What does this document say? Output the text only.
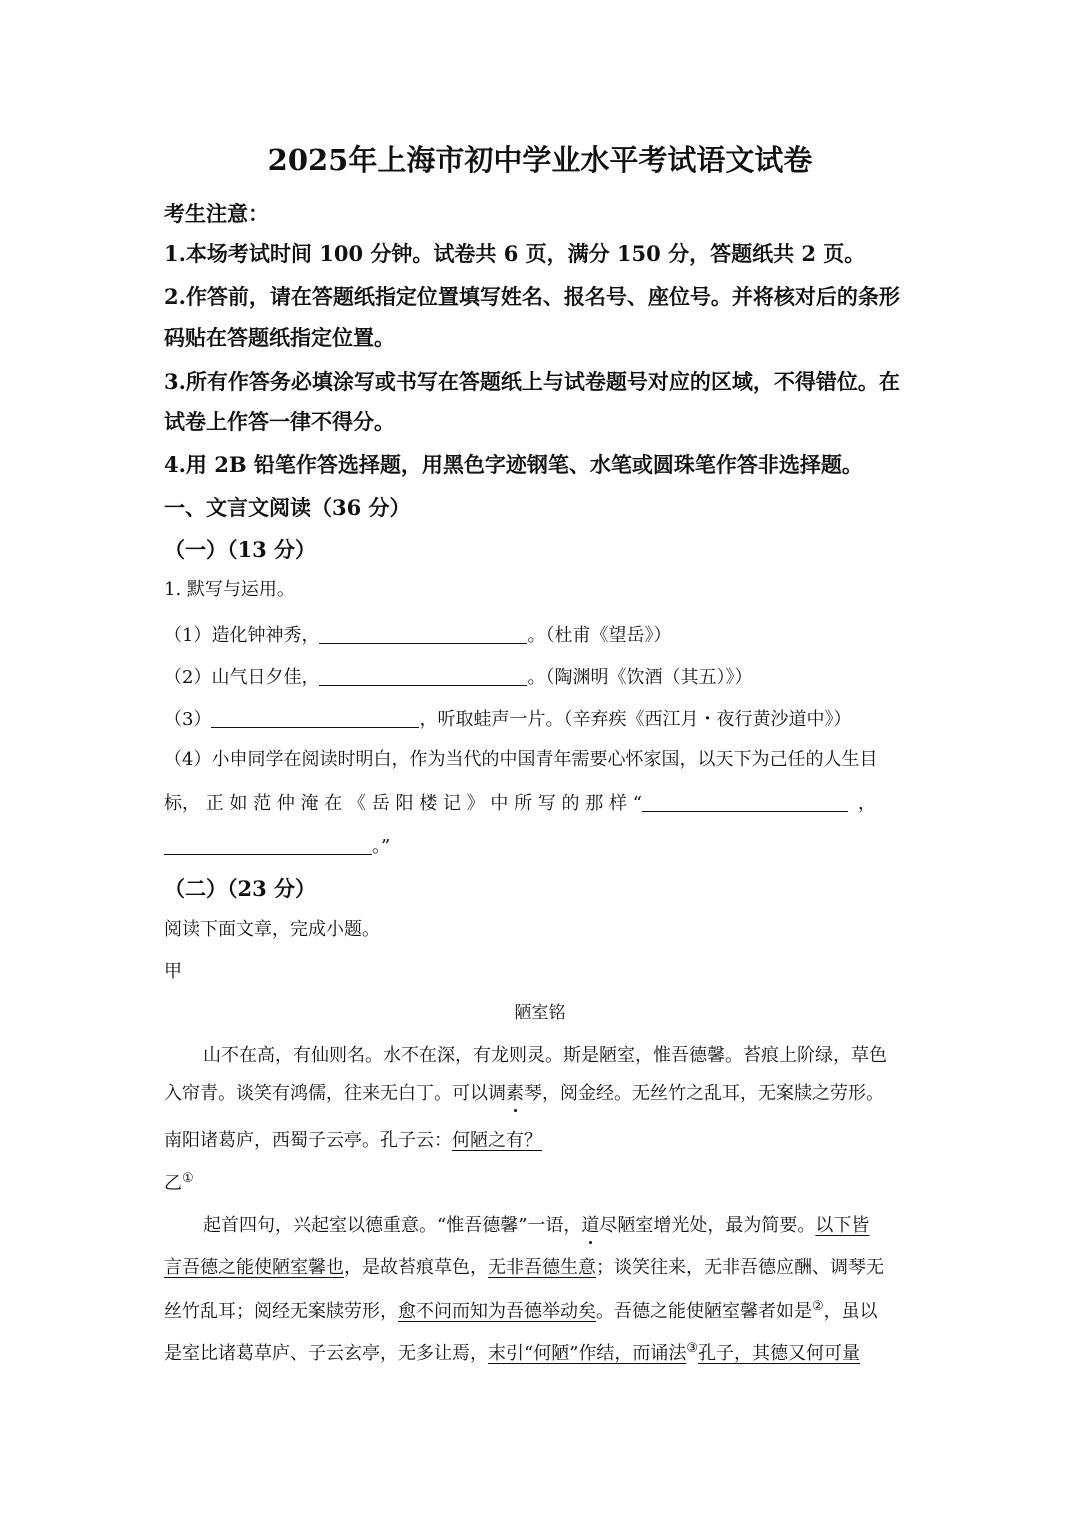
2025年上海市初中学业水平考试语文试卷
考生注意：
1.本场考试时间 100 分钟。试卷共 6 页，满分 150 分，答题纸共 2 页。
2.作答前，请在答题纸指定位置填写姓名、报名号、座位号。并将核对后的条形
码贴在答题纸指定位置。
3.所有作答务必填涂写或书写在答题纸上与试卷题号对应的区域，不得错位。在
试卷上作答一律不得分。
4.用 2B 铅笔作答选择题，用黑色字迹钢笔、水笔或圆珠笔作答非选择题。
一、文言文阅读（36 分）
（一）（13 分）
1. 默写与运用。
（1）造化钟神秀，	。（杜甫《望岳》）
（2）山气日夕佳，	。（陶渊明《饮酒（其五）》）
（3）	，听取蛙声一片。（辛弃疾《西江月・夜行黄沙道中》）
（4）小申同学在阅读时明白，作为当代的中国青年需要心怀家国，以天下为己任的人生目
标， 正 如 范 仲 淹 在 《 岳 阳 楼 记 》 中 所 写 的 那 样 “	，
。”
（二）（23 分）
阅读下面文章，完成小题。
甲
陋室铭
山不在高，有仙则名。水不在深，有龙则灵。斯是陋室，惟吾德馨。苔痕上阶绿，草色
入帘青。谈笑有鸿儒，往来无白丁。可以调素琴，阅金经。无丝竹之乱耳，无案牍之劳形。
南阳诸葛庐，西蜀子云亭。孔子云：何陋之有？
乙①
起首四句，兴起室以德重意。“惟吾德馨”一语，道尽陋室增光处，最为简要。以下皆
言吾德之能使陋室馨也，是故苔痕草色，无非吾德生意；谈笑往来，无非吾德应酬、调琴无
丝竹乱耳；阅经无案牍劳形，愈不问而知为吾德举动矣。吾德之能使陋室馨者如是②，虽以
是室比诸葛草庐、子云玄亭，无多让焉，末引“何陋”作结，而诵法③孔子，其德又何可量
